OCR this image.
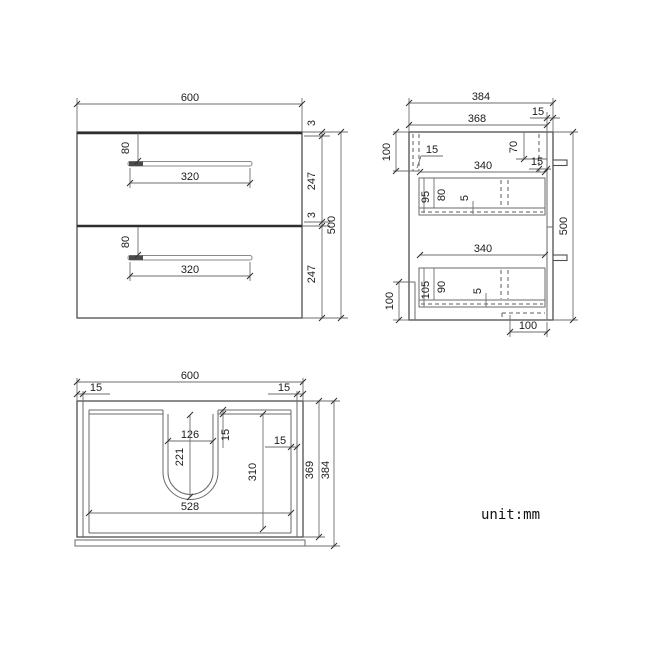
600
80
80
320
320
3
247
3
247
500
70
15
100	15
340
95 80 5
340
105 90 5
100
100
500
384
368
15
126
221
15	15
310
528
600
15	15
369 384
unit:mm
